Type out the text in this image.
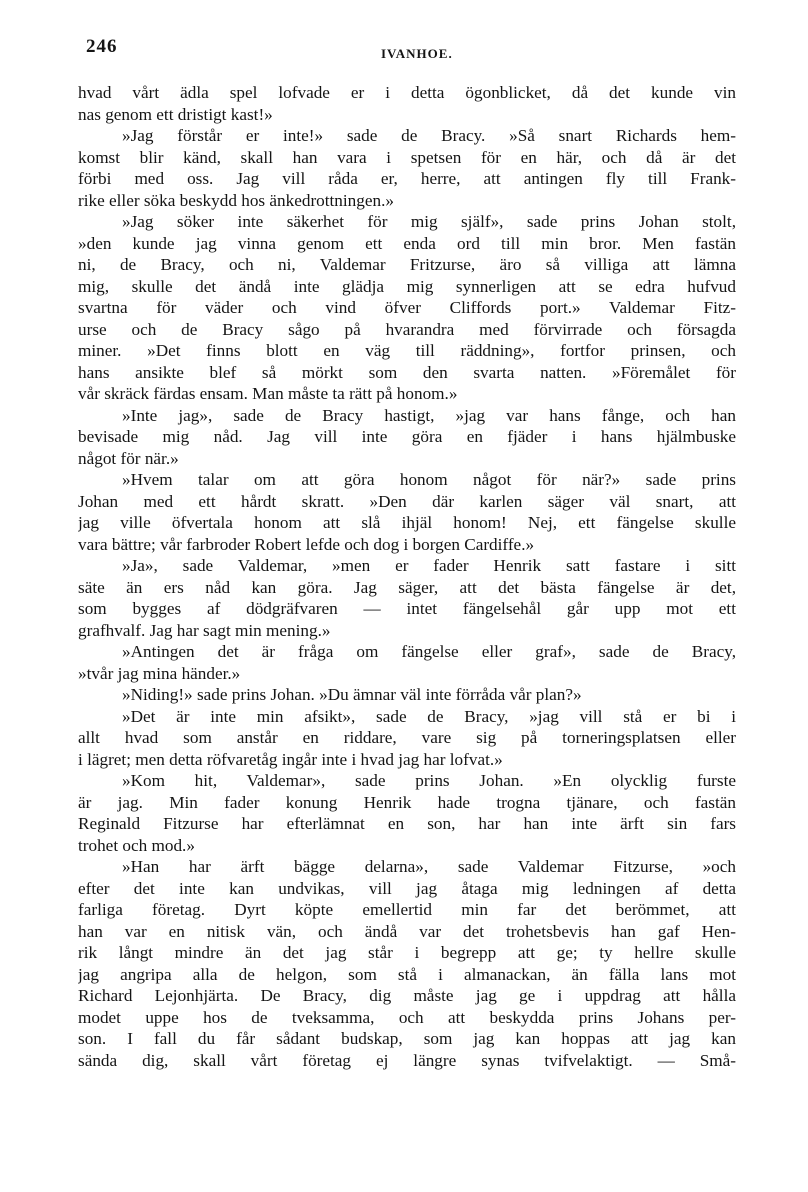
246	IVANHOE.
hvad vårt ädla spel lofvade er i detta ögonblicket, då det kunde vin
nas genom ett dristigt kast!»
»Jag förstår er inte!» sade de Bracy. »Så snart Richards hem-
komst blir känd, skall han vara i spetsen för en här, och då är det
förbi med oss. Jag vill råda er, herre, att antingen fly till Frank-
rike eller söka beskydd hos änkedrottningen.»
»Jag söker inte säkerhet för mig själf», sade prins Johan stolt,
»den kunde jag vinna genom ett enda ord till min bror. Men fastän
ni, de Bracy, och ni, Valdemar Fritzurse, äro så villiga att lämna
mig, skulle det ändå inte glädja mig synnerligen att se edra hufvud
svartna för väder och vind öfver Cliffords port.» Valdemar Fitz-
urse och de Bracy sågo på hvarandra med förvirrade och försagda
miner. »Det finns blott en väg till räddning», fortfor prinsen, och
hans ansikte blef så mörkt som den svarta natten. »Föremålet för
vår skräck färdas ensam. Man måste ta rätt på honom.»
»Inte jag», sade de Bracy hastigt, »jag var hans fånge, och han
bevisade mig nåd. Jag vill inte göra en fjäder i hans hjälmbuske
något för när.»
»Hvem talar om att göra honom något för när?» sade prins
Johan med ett hårdt skratt. »Den där karlen säger väl snart, att
jag ville öfvertala honom att slå ihjäl honom! Nej, ett fängelse skulle
vara bättre; vår farbroder Robert lefde och dog i borgen Cardiffe.»
»Ja», sade Valdemar, »men er fader Henrik satt fastare i sitt
säte än ers nåd kan göra. Jag säger, att det bästa fängelse är det,
som bygges af dödgräfvaren — intet fängelsehål går upp mot ett
grafhvalf. Jag har sagt min mening.»
»Antingen det är fråga om fängelse eller graf», sade de Bracy,
»tvår jag mina händer.»
»Niding!» sade prins Johan. »Du ämnar väl inte förråda vår plan?»
»Det är inte min afsikt», sade de Bracy, »jag vill stå er bi i
allt hvad som anstår en riddare, vare sig på torneringsplatsen eller
i lägret; men detta röfvaretåg ingår inte i hvad jag har lofvat.»
»Kom hit, Valdemar», sade prins Johan. »En olycklig furste
är jag. Min fader konung Henrik hade trogna tjänare, och fastän
Reginald Fitzurse har efterlämnat en son, har han inte ärft sin fars
trohet och mod.»
»Han har ärft bägge delarna», sade Valdemar Fitzurse, »och
efter det inte kan undvikas, vill jag åtaga mig ledningen af detta
farliga företag. Dyrt köpte emellertid min far det berömmet, att
han var en nitisk vän, och ändå var det trohetsbevis han gaf Hen-
rik långt mindre än det jag står i begrepp att ge; ty hellre skulle
jag angripa alla de helgon, som stå i almanackan, än fälla lans mot
Richard Lejonhjärta. De Bracy, dig måste jag ge i uppdrag att hålla
modet uppe hos de tveksamma, och att beskydda prins Johans per-
son. I fall du får sådant budskap, som jag kan hoppas att jag kan
sända dig, skall vårt företag ej längre synas tvifvelaktigt. — Små-
